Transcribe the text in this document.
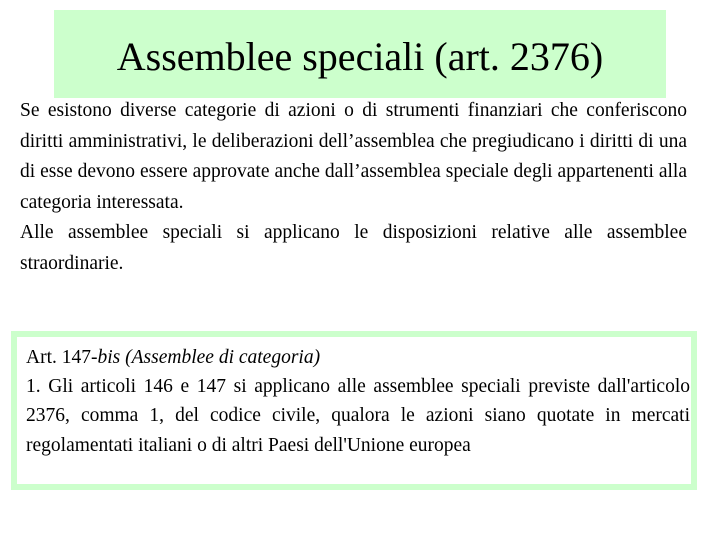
Assemblee speciali (art. 2376)

Se esistono diverse categorie di azioni o di strumenti finanziari che conferiscono diritti amministrativi, le deliberazioni dell’assemblea che pregiudicano i diritti di una di esse devono essere approvate anche dall’assemblea speciale degli appartenenti alla categoria interessata.

Alle assemblee speciali si applicano le disposizioni relative alle assemblee straordinarie.

Art. 147-bis (Assemblee di categoria)

1. Gli articoli 146 e 147 si applicano alle assemblee speciali previste dall'articolo 2376, comma 1, del codice civile, qualora le azioni siano quotate in mercati regolamentati italiani o di altri Paesi dell'Unione europea
